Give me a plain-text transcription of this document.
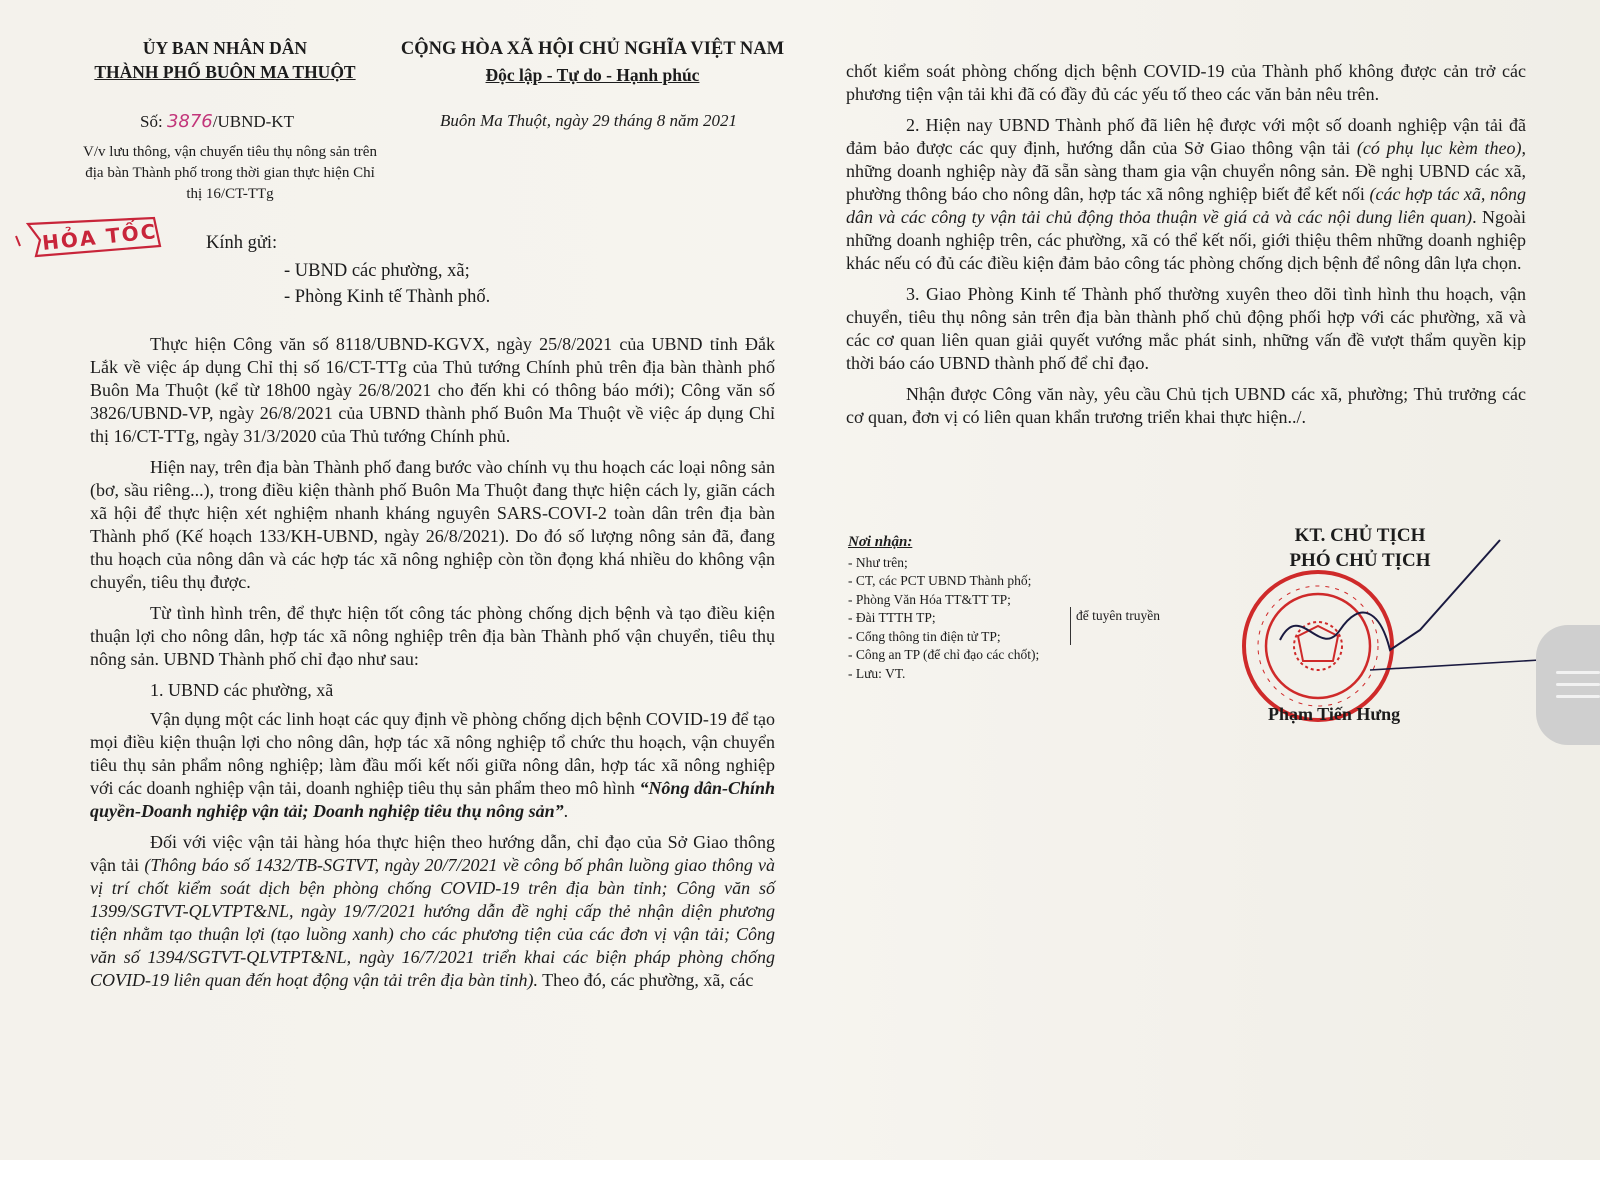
ỦY BAN NHÂN DÂN
THÀNH PHỐ BUÔN MA THUỘT
CỘNG HÒA XÃ HỘI CHỦ NGHĨA VIỆT NAM
Độc lập - Tự do - Hạnh phúc
Số: 3876/UBND-KT	Buôn Ma Thuột, ngày 29 tháng 8 năm 2021
V/v lưu thông, vận chuyển tiêu thụ nông sản trên địa bàn Thành phố trong thời gian thực hiện Chỉ thị 16/CT-TTg
HỎA TỐC	Kính gửi:
- UBND các phường, xã;
- Phòng Kinh tế Thành phố.

Thực hiện Công văn số 8118/UBND-KGVX, ngày 25/8/2021 của UBND tỉnh Đắk Lắk về việc áp dụng Chỉ thị số 16/CT-TTg của Thủ tướng Chính phủ trên địa bàn thành phố Buôn Ma Thuột (kể từ 18h00 ngày 26/8/2021 cho đến khi có thông báo mới); Công văn số 3826/UBND-VP, ngày 26/8/2021 của UBND thành phố Buôn Ma Thuột về việc áp dụng Chỉ thị 16/CT-TTg, ngày 31/3/2020 của Thủ tướng Chính phủ.

Hiện nay, trên địa bàn Thành phố đang bước vào chính vụ thu hoạch các loại nông sản (bơ, sầu riêng...), trong điều kiện thành phố Buôn Ma Thuột đang thực hiện cách ly, giãn cách xã hội để thực hiện xét nghiệm nhanh kháng nguyên SARS-COVI-2 toàn dân trên địa bàn Thành phố (Kế hoạch 133/KH-UBND, ngày 26/8/2021). Do đó số lượng nông sản đã, đang thu hoạch của nông dân và các hợp tác xã nông nghiệp còn tồn đọng khá nhiều do không vận chuyển, tiêu thụ được.

Từ tình hình trên, để thực hiện tốt công tác phòng chống dịch bệnh và tạo điều kiện thuận lợi cho nông dân, hợp tác xã nông nghiệp trên địa bàn Thành phố vận chuyển, tiêu thụ nông sản. UBND Thành phố chỉ đạo như sau:

1. UBND các phường, xã

Vận dụng một các linh hoạt các quy định về phòng chống dịch bệnh COVID-19 để tạo mọi điều kiện thuận lợi cho nông dân, hợp tác xã nông nghiệp tổ chức thu hoạch, vận chuyển tiêu thụ sản phẩm nông nghiệp; làm đầu mối kết nối giữa nông dân, hợp tác xã nông nghiệp với các doanh nghiệp vận tải, doanh nghiệp tiêu thụ sản phẩm theo mô hình “Nông dân-Chính quyền-Doanh nghiệp vận tải; Doanh nghiệp tiêu thụ nông sản”.

Đối với việc vận tải hàng hóa thực hiện theo hướng dẫn, chỉ đạo của Sở Giao thông vận tải (Thông báo số 1432/TB-SGTVT, ngày 20/7/2021 về công bố phân luồng giao thông và vị trí chốt kiểm soát dịch bện phòng chống COVID-19 trên địa bàn tỉnh; Công văn số 1399/SGTVT-QLVTPT&NL, ngày 19/7/2021 hướng dẫn đề nghị cấp thẻ nhận diện phương tiện nhằm tạo thuận lợi (tạo luồng xanh) cho các phương tiện của các đơn vị vận tải; Công văn số 1394/SGTVT-QLVTPT&NL, ngày 16/7/2021 triển khai các biện pháp phòng chống COVID-19 liên quan đến hoạt động vận tải trên địa bàn tỉnh). Theo đó, các phường, xã, các

chốt kiểm soát phòng chống dịch bệnh COVID-19 của Thành phố không được cản trở các phương tiện vận tải khi đã có đầy đủ các yếu tố theo các văn bản nêu trên.

2. Hiện nay UBND Thành phố đã liên hệ được với một số doanh nghiệp vận tải đã đảm bảo được các quy định, hướng dẫn của Sở Giao thông vận tải (có phụ lục kèm theo), những doanh nghiệp này đã sẵn sàng tham gia vận chuyển nông sản. Đề nghị UBND các xã, phường thông báo cho nông dân, hợp tác xã nông nghiệp biết để kết nối (các hợp tác xã, nông dân và các công ty vận tải chủ động thỏa thuận về giá cả và các nội dung liên quan). Ngoài những doanh nghiệp trên, các phường, xã có thể kết nối, giới thiệu thêm những doanh nghiệp khác nếu có đủ các điều kiện đảm bảo công tác phòng chống dịch bệnh để nông dân lựa chọn.

3. Giao Phòng Kinh tế Thành phố thường xuyên theo dõi tình hình thu hoạch, vận chuyển, tiêu thụ nông sản trên địa bàn thành phố chủ động phối hợp với các phường, xã và các cơ quan liên quan giải quyết vướng mắc phát sinh, những vấn đề vượt thẩm quyền kịp thời báo cáo UBND thành phố để chỉ đạo.

Nhận được Công văn này, yêu cầu Chủ tịch UBND các xã, phường; Thủ trưởng các cơ quan, đơn vị có liên quan khẩn trương triển khai thực hiện../.

Nơi nhận:
- Như trên;
- CT, các PCT UBND Thành phố;
- Phòng Văn Hóa TT&TT TP;
- Đài TTTH TP;
- Cổng thông tin điện tử TP;
- Công an TP (để chỉ đạo các chốt);
- Lưu: VT.
để tuyên truyền
KT. CHỦ TỊCH
PHÓ CHỦ TỊCH
Phạm Tiến Hưng
